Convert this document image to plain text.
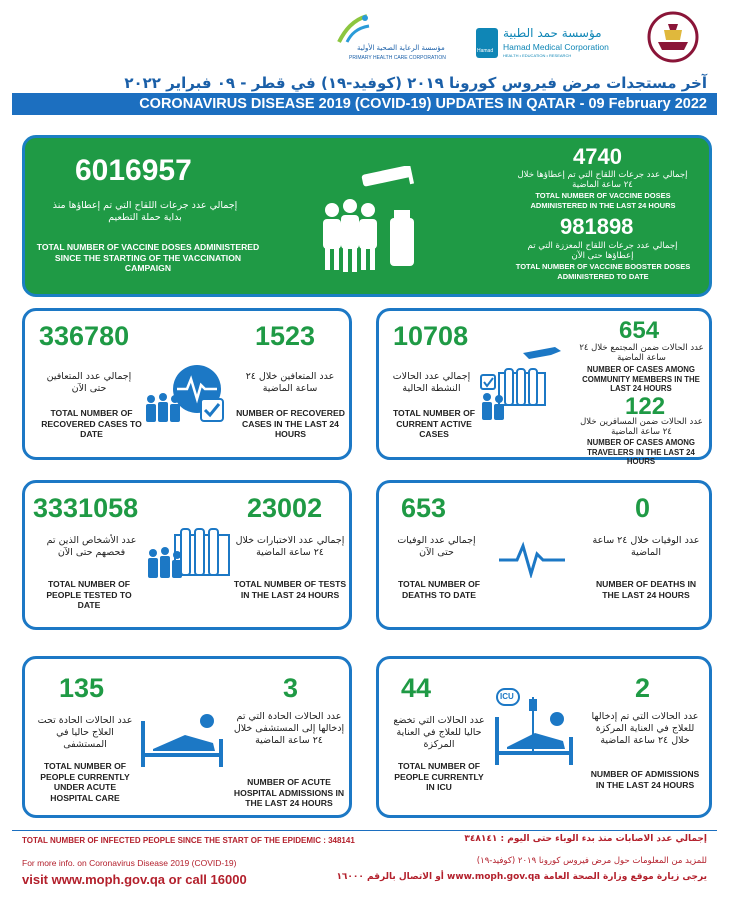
مؤسسة الرعاية الصحية الأولية
PRIMARY HEALTH CARE CORPORATION
Hamad
مؤسسة حمد الطبية
Hamad Medical Corporation
HEALTH • EDUCATION • RESEARCH
آخر مستجدات مرض فيروس كورونا ٢٠١٩ (كوفيد-١٩) في قطر - ٠٩ فبراير ٢٠٢٢
CORONAVIRUS DISEASE 2019 (COVID-19) UPDATES IN QATAR - 09 February 2022
6016957
إجمالي عدد جرعات اللقاح التي تم إعطاؤها منذ بداية حملة التطعيم
TOTAL NUMBER OF VACCINE DOSES ADMINISTERED SINCE THE STARTING OF THE VACCINATION CAMPAIGN
4740
إجمالي عدد جرعات اللقاح التي تم إعطاؤها خلال ٢٤ ساعة الماضية
TOTAL NUMBER OF VACCINE DOSES ADMINISTERED IN THE LAST 24 HOURS
981898
إجمالي عدد جرعات اللقاح المعززة التي تم إعطاؤها حتى الآن
TOTAL NUMBER OF VACCINE BOOSTER DOSES ADMINISTERED TO DATE
336780
إجمالي عدد المتعافين حتى الآن
TOTAL NUMBER OF RECOVERED CASES TO DATE
1523
عدد المتعافين خلال ٢٤ ساعة الماضية
NUMBER OF RECOVERED CASES IN THE LAST 24 HOURS
10708
إجمالي عدد الحالات النشطة الحالية
TOTAL NUMBER OF CURRENT ACTIVE CASES
654
عدد الحالات ضمن المجتمع خلال ٢٤ ساعة الماضية
NUMBER OF CASES AMONG COMMUNITY MEMBERS IN THE LAST 24 HOURS
122
عدد الحالات ضمن المسافرين خلال ٢٤ ساعة الماضية
NUMBER OF CASES AMONG TRAVELERS IN THE LAST 24 HOURS
3331058
عدد الأشخاص الذين تم فحصهم حتى الآن
TOTAL NUMBER OF PEOPLE TESTED TO DATE
23002
إجمالي عدد الاختبارات خلال ٢٤ ساعة الماضية
TOTAL NUMBER OF TESTS IN THE LAST 24 HOURS
653
إجمالي عدد الوفيات حتى الآن
TOTAL NUMBER OF DEATHS TO DATE
0
عدد الوفيات خلال ٢٤ ساعة الماضية
NUMBER OF DEATHS IN THE LAST 24 HOURS
135
عدد الحالات الحادة تحت العلاج حاليا في المستشفى
TOTAL NUMBER OF PEOPLE CURRENTLY UNDER ACUTE HOSPITAL CARE
3
عدد الحالات الحادة التي تم إدخالها إلى المستشفى خلال ٢٤ ساعة الماضية
NUMBER OF ACUTE HOSPITAL ADMISSIONS IN THE LAST 24 HOURS
44
عدد الحالات التي تخضع حاليا للعلاج في العناية المركزة
TOTAL NUMBER OF PEOPLE CURRENTLY IN ICU
ICU	2
عدد الحالات التي تم إدخالها للعلاج في العناية المركزة خلال ٢٤ ساعة الماضية
NUMBER OF ADMISSIONS IN THE LAST 24 HOURS
TOTAL NUMBER OF INFECTED PEOPLE SINCE THE START OF THE EPIDEMIC : 348141	إجمالي عدد الاصابات منذ بدء الوباء حتى اليوم : ٣٤٨١٤١
For more info. on Coronavirus Disease 2019 (COVID-19)
visit www.moph.gov.qa or call 16000
للمزيد من المعلومات حول مرض فيروس كورونا ٢٠١٩ (كوفيد-١٩)
يرجى زيارة موقع وزارة الصحة العامة www.moph.gov.qa أو الاتصال بالرقم ١٦٠٠٠
